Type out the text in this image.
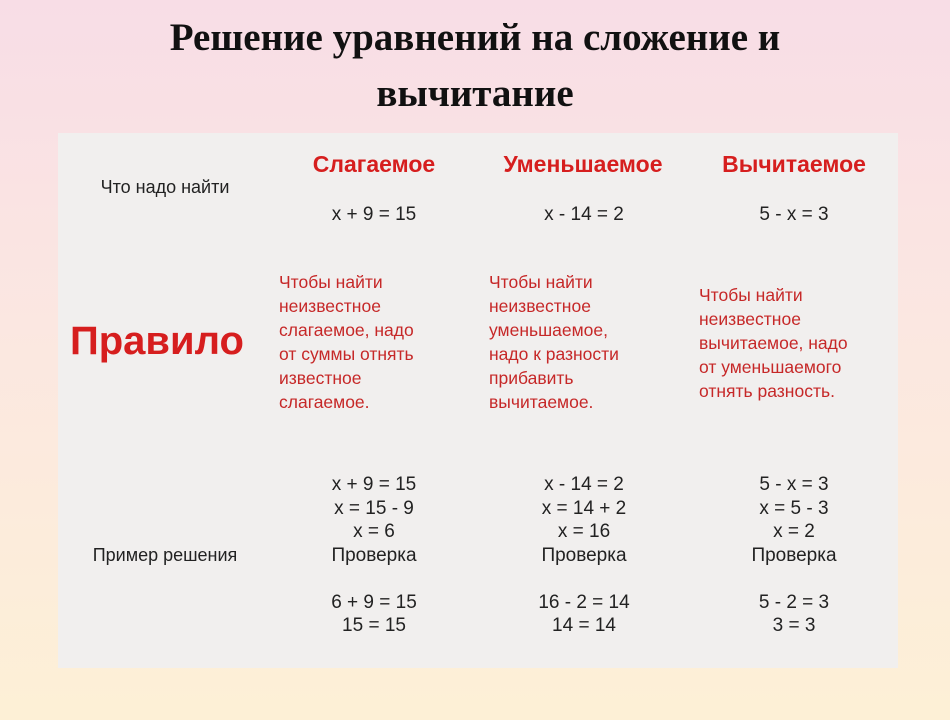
Решение уравнений на сложение и
вычитание
Что надо найти
Правило
Пример решения
Слагаемое
х + 9 = 15
Чтобы найти
неизвестное
слагаемое, надо
от суммы отнять
известное
слагаемое.
х + 9 = 15
х = 15 - 9
х = 6
Проверка

6 + 9 = 15
15 = 15
Уменьшаемое
х - 14 = 2
Чтобы найти
неизвестное
уменьшаемое,
надо к разности
прибавить
вычитаемое.
х - 14 = 2
х = 14 + 2
х = 16
Проверка

16 - 2 = 14
14 = 14
Вычитаемое
5 - х = 3
Чтобы найти
неизвестное
вычитаемое, надо
от уменьшаемого
отнять разность.
5 - х = 3
х = 5 - 3
х = 2
Проверка

5 - 2 = 3
3 = 3
